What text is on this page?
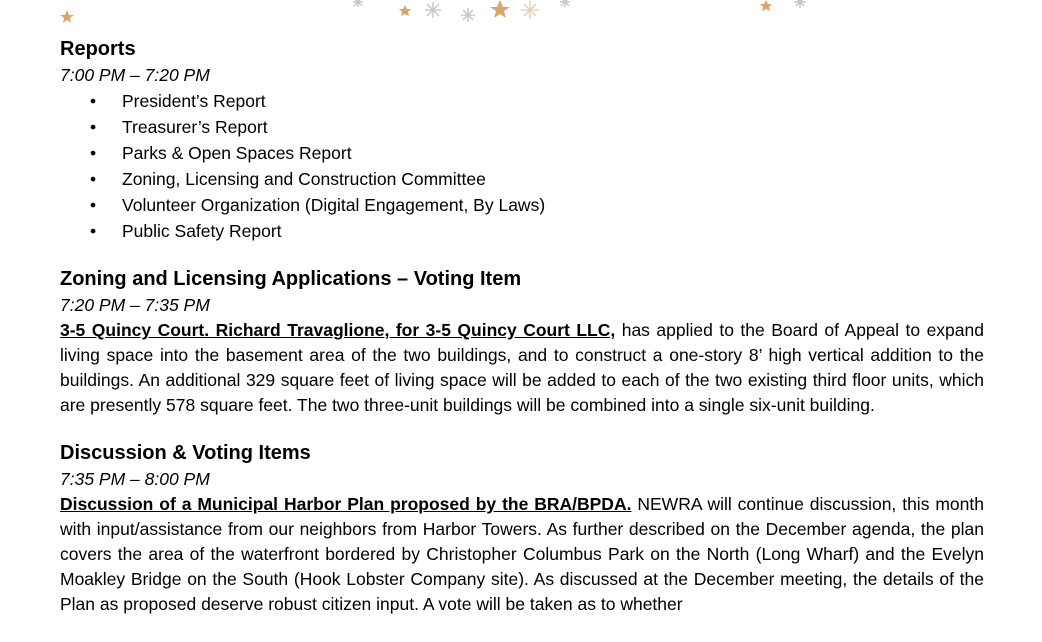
Reports
7:00 PM – 7:20 PM
• President’s Report
• Treasurer’s Report
• Parks & Open Spaces Report
• Zoning, Licensing and Construction Committee
• Volunteer Organization (Digital Engagement, By Laws)
• Public Safety Report
Zoning and Licensing Applications – Voting Item
7:20 PM – 7:35 PM

3-5 Quincy Court. Richard Travaglione, for 3-5 Quincy Court LLC, has applied to the Board of Appeal to expand living space into the basement area of the two buildings, and to construct a one-story 8’ high vertical addition to the buildings. An additional 329 square feet of living space will be added to each of the two existing third floor units, which are presently 578 square feet. The two three-unit buildings will be combined into a single six-unit building.

Discussion & Voting Items
7:35 PM – 8:00 PM

Discussion of a Municipal Harbor Plan proposed by the BRA/BPDA. NEWRA will continue discussion, this month with input/assistance from our neighbors from Harbor Towers. As further described on the December agenda, the plan covers the area of the waterfront bordered by Christopher Columbus Park on the North (Long Wharf) and the Evelyn Moakley Bridge on the South (Hook Lobster Company site). As discussed at the December meeting, the details of the Plan as proposed deserve robust citizen input. A vote will be taken as to whether
